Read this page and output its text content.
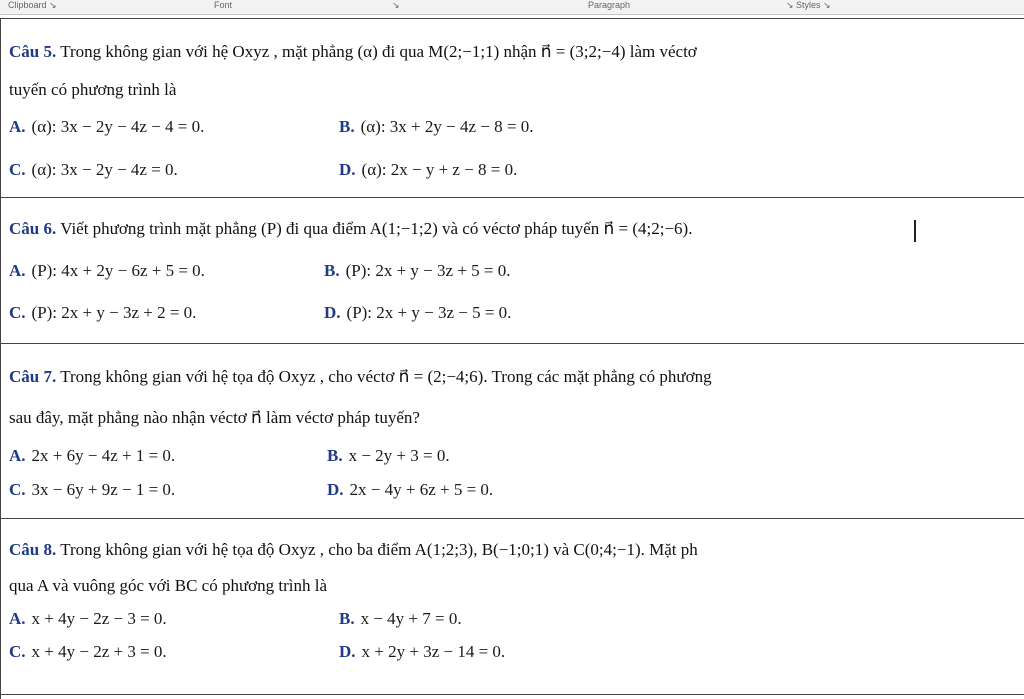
Clipboard ↘	Font	↘	Paragraph	↘ Styles ↘
Câu 5. Trong không gian với hệ Oxyz , mặt phẳng (α) đi qua M(2;−1;1) nhận n⃗ = (3;2;−4) làm véctơ
tuyến có phương trình là
A. (α): 3x − 2y − 4z − 4 = 0.	B. (α): 3x + 2y − 4z − 8 = 0.
C. (α): 3x − 2y − 4z = 0.	D. (α): 2x − y + z − 8 = 0.
Câu 6. Viết phương trình mặt phẳng (P) đi qua điểm A(1;−1;2) và có véctơ pháp tuyến n⃗ = (4;2;−6).
A. (P): 4x + 2y − 6z + 5 = 0.	B. (P): 2x + y − 3z + 5 = 0.
C. (P): 2x + y − 3z + 2 = 0.	D. (P): 2x + y − 3z − 5 = 0.
Câu 7. Trong không gian với hệ tọa độ Oxyz , cho véctơ n⃗ = (2;−4;6). Trong các mặt phẳng có phương
sau đây, mặt phẳng nào nhận véctơ n⃗ làm véctơ pháp tuyến?
A. 2x + 6y − 4z + 1 = 0.	B. x − 2y + 3 = 0.
C. 3x − 6y + 9z − 1 = 0.	D. 2x − 4y + 6z + 5 = 0.
Câu 8. Trong không gian với hệ tọa độ Oxyz , cho ba điểm A(1;2;3), B(−1;0;1) và C(0;4;−1). Mặt ph
qua A và vuông góc với BC có phương trình là
A. x + 4y − 2z − 3 = 0.	B. x − 4y + 7 = 0.
C. x + 4y − 2z + 3 = 0.	D. x + 2y + 3z − 14 = 0.
